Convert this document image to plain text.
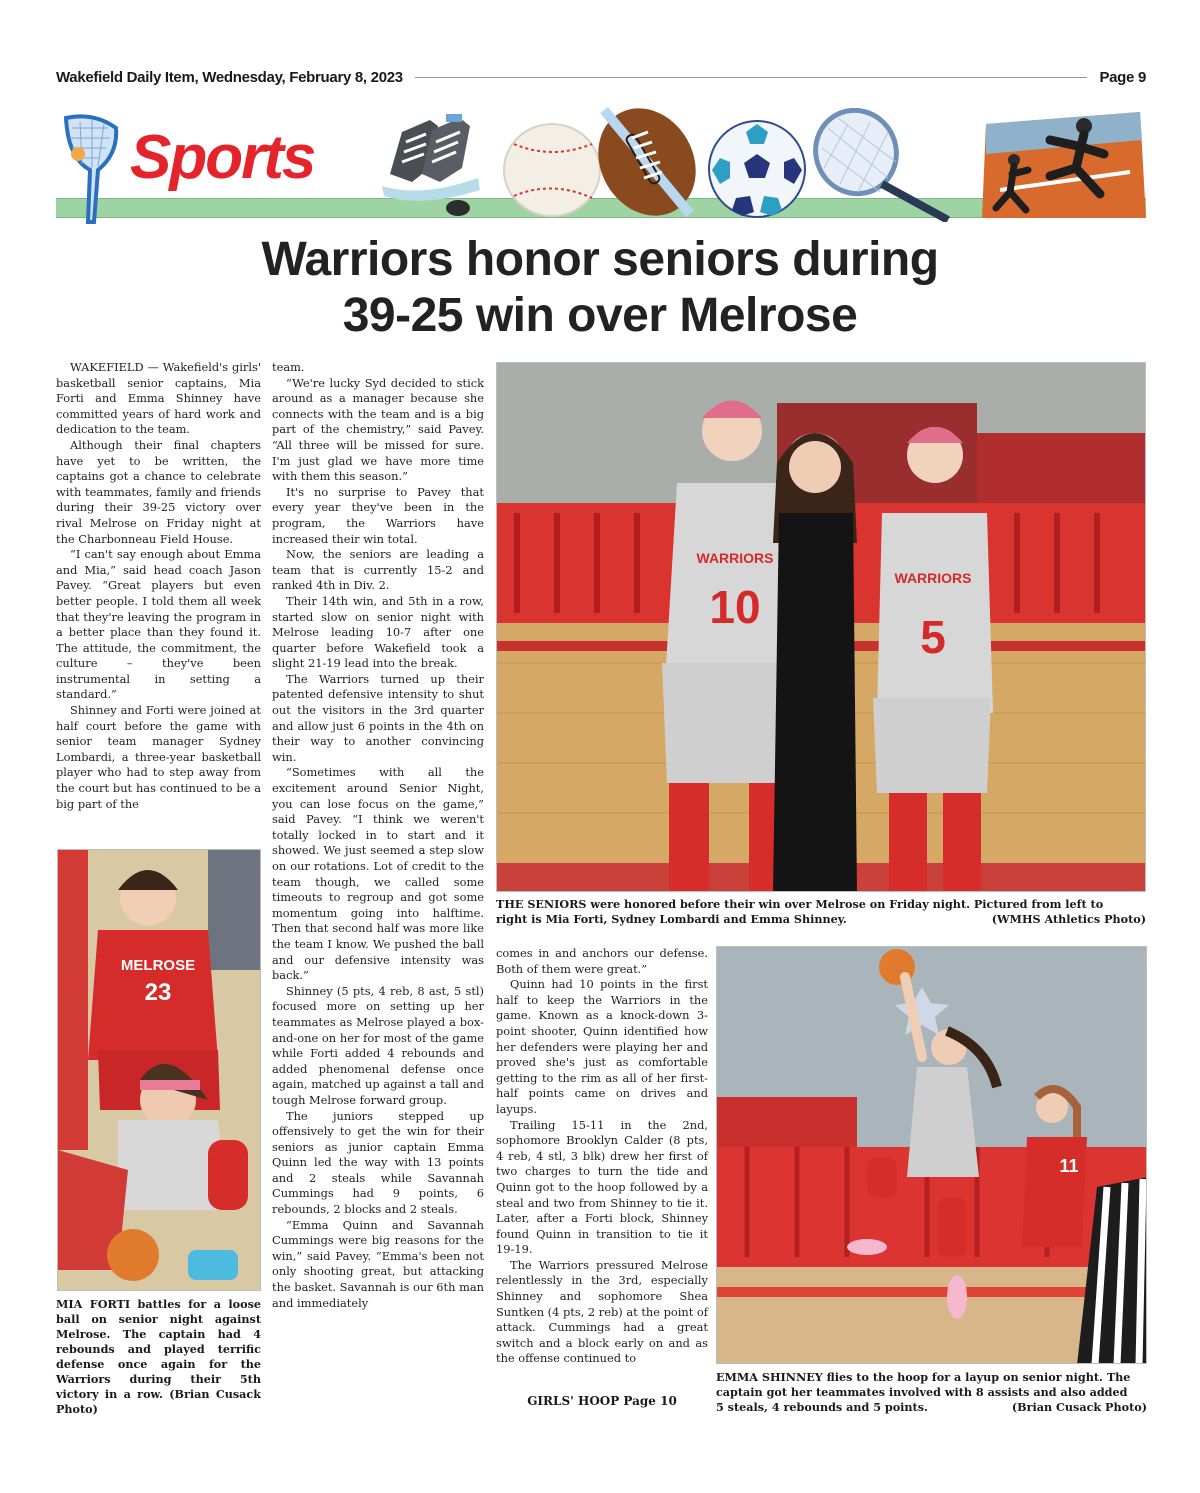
Wakefield Daily Item, Wednesday, February 8, 2023	Page 9
Sports
Warriors honor seniors during
39-25 win over Melrose

WAKEFIELD — Wakefield's girls' basketball senior captains, Mia Forti and Emma Shinney have committed years of hard work and dedication to the team.

Although their final chapters have yet to be written, the captains got a chance to celebrate with teammates, family and friends during their 39-25 victory over rival Melrose on Friday night at the Charbonneau Field House.

“I can't say enough about Emma and Mia,” said head coach Jason Pavey. “Great players but even better people. I told them all week that they're leaving the program in a better place than they found it. The attitude, the commitment, the culture – they've been instrumental in setting a standard.”

Shinney and Forti were joined at half court before the game with senior team manager Sydney Lombardi, a three-year basketball player who had to step away from the court but has continued to be a big part of the

team.

“We're lucky Syd decided to stick around as a manager because she connects with the team and is a big part of the chemistry,” said Pavey. “All three will be missed for sure. I'm just glad we have more time with them this season.”

It's no surprise to Pavey that every year they've been in the program, the Warriors have increased their win total.

Now, the seniors are leading a team that is currently 15-2 and ranked 4th in Div. 2.

Their 14th win, and 5th in a row, started slow on senior night with Melrose leading 10-7 after one quarter before Wakefield took a slight 21-19 lead into the break.

The Warriors turned up their patented defensive intensity to shut out the visitors in the 3rd quarter and allow just 6 points in the 4th on their way to another convincing win.

“Sometimes with all the excitement around Senior Night, you can lose focus on the game,” said Pavey. “I think we weren't totally locked in to start and it showed. We just seemed a step slow on our rotations. Lot of credit to the team though, we called some timeouts to regroup and got some momentum going into halftime. Then that second half was more like the team I know. We pushed the ball and our defensive intensity was back.”

Shinney (5 pts, 4 reb, 8 ast, 5 stl) focused more on setting up her teammates as Melrose played a box-and-one on her for most of the game while Forti added 4 rebounds and added phenomenal defense once again, matched up against a tall and tough Melrose forward group.

The juniors stepped up offensively to get the win for their seniors as junior captain Emma Quinn led the way with 13 points and 2 steals while Savannah Cummings had 9 points, 6 rebounds, 2 blocks and 2 steals.

“Emma Quinn and Savannah Cummings were big reasons for the win,” said Pavey. “Emma's been not only shooting great, but attacking the basket. Savannah is our 6th man and immediately

comes in and anchors our defense. Both of them were great.”

Quinn had 10 points in the first half to keep the Warriors in the game. Known as a knock-down 3-point shooter, Quinn identified how her defenders were playing her and proved she's just as comfortable getting to the rim as all of her first-half points came on drives and layups.

Trailing 15-11 in the 2nd, sophomore Brooklyn Calder (8 pts, 4 reb, 4 stl, 3 blk) drew her first of two charges to turn the tide and Quinn got to the hoop followed by a steal and two from Shinney to tie it. Later, after a Forti block, Shinney found Quinn in transition to tie it 19-19.

The Warriors pressured Melrose relentlessly in the 3rd, especially Shinney and sophomore Shea Suntken (4 pts, 2 reb) at the point of attack. Cummings had a great switch and a block early on and as the offense continued to

GIRLS' HOOP Page 10
WARRIORS
10
WARRIORS
5
THE SENIORS were honored before their win over Melrose on Friday night. Pictured from left to
right is Mia Forti, Sydney Lombardi and Emma Shinney.	(WMHS Athletics Photo)
MELROSE
23
MIA FORTI battles for a loose ball on senior night against Melrose. The captain had 4 rebounds and played terrific defense once again for the Warriors during their 5th victory in a row. (Brian Cusack Photo)
11
EMMA SHINNEY flies to the hoop for a layup on senior night. The
captain got her teammates involved with 8 assists and also added
5 steals, 4 rebounds and 5 points.	(Brian Cusack Photo)
